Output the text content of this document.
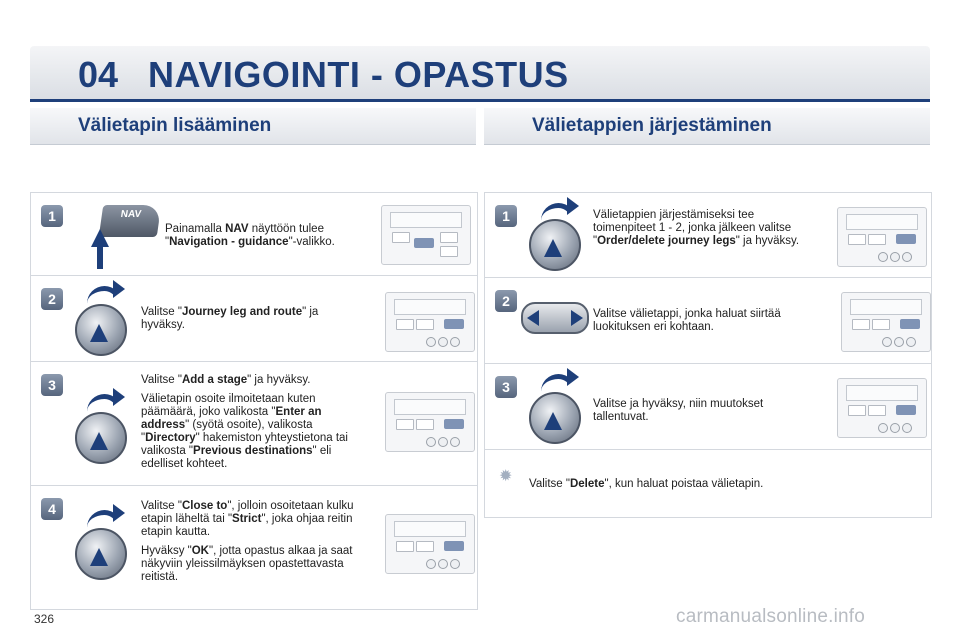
04 NAVIGOINTI - OPASTUS
Välietapin lisääminen	Välietappien järjestäminen
1	NAV
Painamalla NAV näyttöön tulee "Navigation - guidance"-valikko.
2
Valitse "Journey leg and route" ja hyväksy.
3	Valitse "Add a stage" ja hyväksy.

Välietapin osoite ilmoitetaan kuten päämäärä, joko valikosta "Enter an address" (syötä osoite), valikosta "Directory" hakemiston yhteystietona tai valikosta "Previous destinations" eli edelliset kohteet.

4	Valitse "Close to", jolloin osoitetaan kulku etapin läheltä tai "Strict", joka ohjaa reitin etapin kautta.

Hyväksy "OK", jotta opastus alkaa ja saat näkyviin yleissilmäyksen opastettavasta reitistä.

1	Välietappien järjestämiseksi tee toimenpiteet 1 - 2, jonka jälkeen valitse "Order/delete journey legs" ja hyväksy.
2
Valitse välietappi, jonka haluat siirtää luokituksen eri kohtaan.
3
Valitse ja hyväksy, niin muutokset tallentuvat.
✹ Valitse "Delete", kun haluat poistaa välietapin.
326	carmanualsonline.info
